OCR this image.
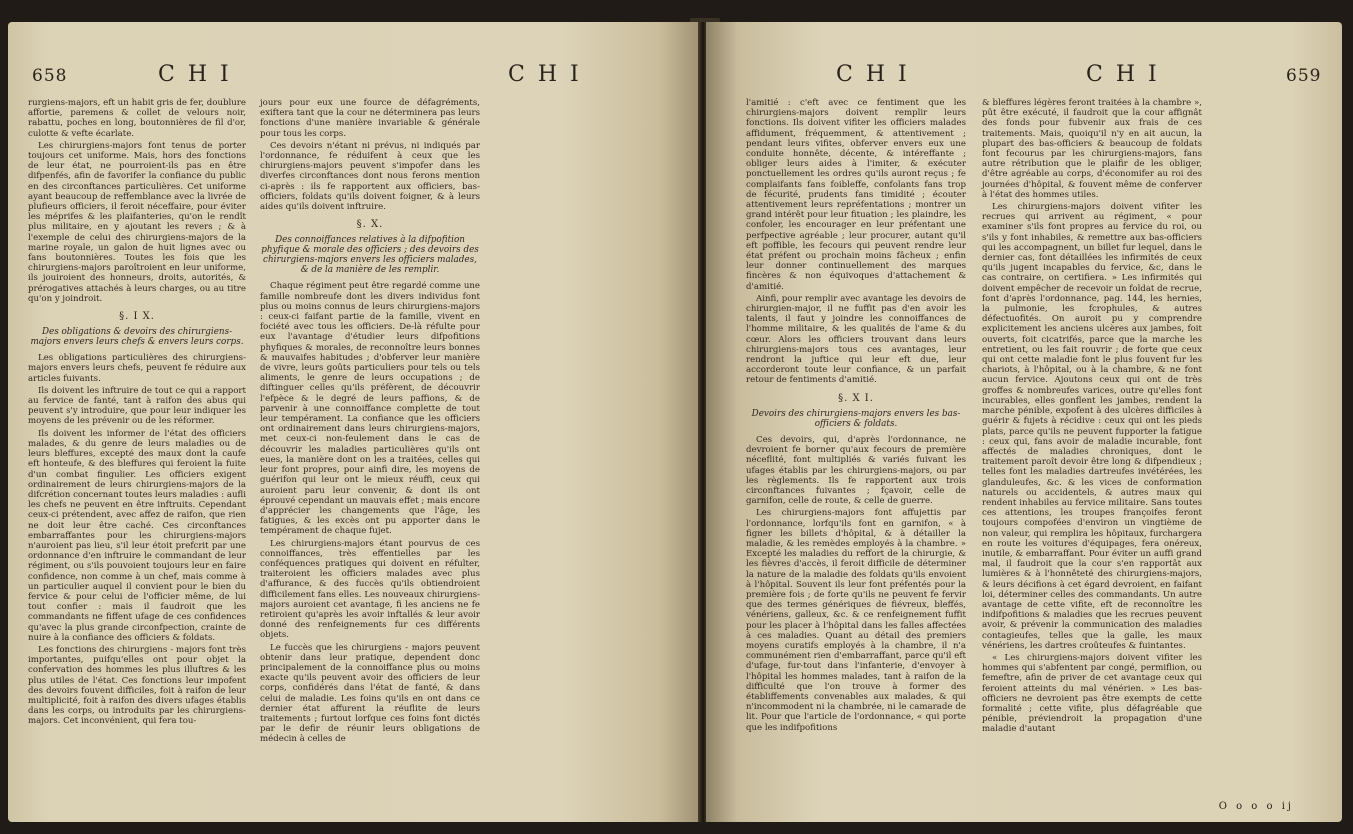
658	C H I	C H I

rurgiens-majors, eft un habit gris de fer, doublure affortie, paremens & collet de velours noir, rabattu, poches en long, boutonnières de fil d'or, culotte & vefte écarlate.

Les chirurgiens-majors font tenus de porter toujours cet uniforme. Mais, hors des fonctions de leur état, ne pourroient-ils pas en être difpenfés, afin de favorifer la confiance du public en des circonftances particulières. Cet uniforme ayant beaucoup de reffemblance avec la livrée de plufieurs officiers, il feroit néceffaire, pour éviter les méprifes & les plaifanteries, qu'on le rendît plus militaire, en y ajoutant les revers ; & à l'exemple de celui des chirurgiens-majors de la marine royale, un galon de huit lignes avec ou fans boutonnières. Toutes les fois que les chirurgiens-majors paroîtroient en leur uniforme, ils jouiroient des honneurs, droits, autorités, & prérogatives attachés à leurs charges, ou au titre qu'on y joindroit.

§. I X.
Des obligations & devoirs des chirurgiens-majors envers leurs chefs & envers leurs corps.

Les obligations particulières des chirurgiens-majors envers leurs chefs, peuvent fe réduire aux articles fuivants.

Ils doivent les inftruire de tout ce qui a rapport au fervice de fanté, tant à raifon des abus qui peuvent s'y introduire, que pour leur indiquer les moyens de les prévenir ou de les réformer.

Ils doivent les informer de l'état des officiers malades, & du genre de leurs maladies ou de leurs bleffures, excepté des maux dont la caufe eft honteufe, & des bleffures qui feroient la fuite d'un combat fingulier. Les officiers exigent ordinairement de leurs chirurgiens-majors de la difcrétion concernant toutes leurs maladies : aufli les chefs ne peuvent en être inftruits. Cependant ceux-ci prétendent, avec affez de raifon, que rien ne doit leur être caché. Ces circonftances embarraffantes pour les chirurgiens-majors n'auroient pas lieu, s'il leur étoit prefcrit par une ordonnance d'en inftruire le commandant de leur régiment, ou s'ils pouvoient toujours leur en faire confidence, non comme à un chef, mais comme à un particulier auquel il convient pour le bien du fervice & pour celui de l'officier même, de lui tout confier : mais il faudroit que les commandants ne fiffent ufage de ces confidences qu'avec la plus grande circonfpection, crainte de nuire à la confiance des officiers & foldats.

Les fonctions des chirurgiens - majors font très importantes, puifqu'elles ont pour objet la confervation des hommes les plus illuftres & les plus utiles de l'état. Ces fonctions leur impofent des devoirs fouvent difficiles, foit à raifon de leur multiplicité, foit à raifon des divers ufages établis dans les corps, ou introduits par les chirurgiens-majors. Cet inconvénient, qui fera tou-

jours pour eux une fource de défagréments, exiftera tant que la cour ne déterminera pas leurs fonctions d'une manière invariable & générale pour tous les corps.

Ces devoirs n'étant ni prévus, ni indiqués par l'ordonnance, fe réduifent à ceux que les chirurgiens-majors peuvent s'impofer dans les diverfes circonftances dont nous ferons mention ci-après : ils fe rapportent aux officiers, bas-officiers, foldats qu'ils doivent foigner, & à leurs aides qu'ils doivent inftruire.

§. X.
Des connoiffances relatives à la difpofition phyfique & morale des officiers ; des devoirs des chirurgiens-majors envers les officiers malades, & de la manière de les remplir.

Chaque régiment peut être regardé comme une famille nombreufe dont les divers individus font plus ou moins connus de leurs chirurgiens-majors : ceux-ci faifant partie de la famille, vivent en fociété avec tous les officiers. De-là réfulte pour eux l'avantage d'étudier leurs difpofitions phyfiques & morales, de reconnoître leurs bonnes & mauvaifes habitudes ; d'obferver leur manière de vivre, leurs goûts particuliers pour tels ou tels aliments, le genre de leurs occupations ; de diftinguer celles qu'ils préfèrent, de découvrir l'efpèce & le degré de leurs paffions, & de parvenir à une connoiffance complette de tout leur tempérament. La confiance que les officiers ont ordinairement dans leurs chirurgiens-majors, met ceux-ci non-feulement dans le cas de découvrir les maladies particulières qu'ils ont eues, la manière dont on les a traitées, celles qui leur font propres, pour ainfi dire, les moyens de guérifon qui leur ont le mieux réuffi, ceux qui auroient paru leur convenir, & dont ils ont éprouvé cependant un mauvais effet ; mais encore d'apprécier les changements que l'âge, les fatigues, & les excès ont pu apporter dans le tempérament de chaque fujet.

Les chirurgiens-majors étant pourvus de ces connoiffances, très effentielles par les conféquences pratiques qui doivent en réfulter, traiteroient les officiers malades avec plus d'affurance, & des fuccès qu'ils obtiendroient difficilement fans elles. Les nouveaux chirurgiens-majors auroient cet avantage, fi les anciens ne fe retiroient qu'après les avoir inftallés & leur avoir donné des renfeignements fur ces différents objets.

Le fuccès que les chirurgiens - majors peuvent obtenir dans leur pratique, dependent donc principalement de la connoiffance plus ou moins exacte qu'ils peuvent avoir des officiers de leur corps, confidérés dans l'état de fanté, & dans celui de maladie. Les foins qu'ils en ont dans ce dernier état affurent la réuflite de leurs traitements ; furtout lorfque ces foins font dictés par le defir de réunir leurs obligations de médecin à celles de

C H I	C H I	659

l'amitié : c'eft avec ce fentiment que les chirurgiens-majors doivent remplir leurs fonctions. Ils doivent vifiter les officiers malades affidument, fréquemment, & attentivement ; pendant leurs vifites, obferver envers eux une conduite honnête, décente, & intéreffante ; obliger leurs aides à l'imiter, & exécuter ponctuellement les ordres qu'ils auront reçus ; fe complaifants fans foibleffe, confolants fans trop de fécurité, prudents fans timidité ; écouter attentivement leurs repréfentations ; montrer un grand intérêt pour leur fituation ; les plaindre, les confoler, les encourager en leur préfentant une perfpective agréable ; leur procurer, autant qu'il eft poffible, les fecours qui peuvent rendre leur état préfent ou prochain moins fâcheux ; enfin leur donner continuellement des marques fincères & non équivoques d'attachement & d'amitié.

Ainfi, pour remplir avec avantage les devoirs de chirurgien-major, il ne fuffit pas d'en avoir les talents, il faut y joindre les connoiffances de l'homme militaire, & les qualités de l'ame & du cœur. Alors les officiers trouvant dans leurs chirurgiens-majors tous ces avantages, leur rendront la juftice qui leur eft due, leur accorderont toute leur confiance, & un parfait retour de fentiments d'amitié.

§. X I.
Devoirs des chirurgiens-majors envers les bas-officiers & foldats.

Ces devoirs, qui, d'après l'ordonnance, ne devroient fe borner qu'aux fecours de première néceflité, font multipliés & variés fuivant les ufages établis par les chirurgiens-majors, ou par les règlements. Ils fe rapportent aux trois circonftances fuivantes ; fçavoir, celle de garnifon, celle de route, & celle de guerre.

Les chirurgiens-majors font affujettis par l'ordonnance, lorfqu'ils font en garnifon, « à figner les billets d'hôpital, & à détailler la maladie, & les remèdes employés à la chambre. » Excepté les maladies du reffort de la chirurgie, & les fièvres d'accès, il feroit difficile de déterminer la nature de la maladie des foldats qu'ils envoient à l'hôpital. Souvent ils leur font préfentés pour la première fois ; de forte qu'ils ne peuvent fe fervir que des termes génériques de fiévreux, bleffés, vénériens, galleux, &c. & ce renfeignement fuffit pour les placer à l'hôpital dans les falles affectées à ces maladies. Quant au détail des premiers moyens curatifs employés à la chambre, il n'a communément rien d'embarraffant, parce qu'il eft d'ufage, fur-tout dans l'infanterie, d'envoyer à l'hôpital les hommes malades, tant à raifon de la difficulté que l'on trouve à former des établiffements convenables aux malades, & qui n'incommodent ni la chambrée, ni le camarade de lit. Pour que l'article de l'ordonnance, « qui porte que les indifpofitions

& bleffures légères feront traitées à la chambre », pût être exécuté, il faudroit que la cour affignât des fonds pour fubvenir aux frais de ces traitements. Mais, quoiqu'il n'y en ait aucun, la plupart des bas-officiers & beaucoup de foldats font fecourus par les chirurgiens-majors, fans autre rétribution que le plaifir de les obliger, d'être agréable au corps, d'économifer au roi des journées d'hôpital, & fouvent même de conferver à l'état des hommes utiles.

Les chirurgiens-majors doivent vifiter les recrues qui arrivent au régiment, « pour examiner s'ils font propres au fervice du roi, ou s'ils y font inhabiles, & remettre aux bas-officiers qui les accompagnent, un billet fur lequel, dans le dernier cas, font détaillées les infirmités de ceux qu'ils jugent incapables du fervice, &c, dans le cas contraire, on certifiera. » Les infirmités qui doivent empêcher de recevoir un foldat de recrue, font d'après l'ordonnance, pag. 144, les hernies, la pulmonie, les fcrophules, & autres défectuofités. On auroit pu y comprendre explicitement les anciens ulcères aux jambes, foit ouverts, foit cicatrifés, parce que la marche les entretient, ou les fait rouvrir ; de forte que ceux qui ont cette maladie font le plus fouvent fur les chariots, à l'hôpital, ou à la chambre, & ne font aucun fervice. Ajoutons ceux qui ont de très groffes & nombreufes varices, outre qu'elles font incurables, elles gonflent les jambes, rendent la marche pénible, expofent à des ulcères difficiles à guérir & fujets à récidive : ceux qui ont les pieds plats, parce qu'ils ne peuvent fupporter la fatigue : ceux qui, fans avoir de maladie incurable, font affectés de maladies chroniques, dont le traitement paroît devoir être long & difpendieux ; telles font les maladies dartreufes invétérées, les glanduleufes, &c. & les vices de conformation naturels ou accidentels, & autres maux qui rendent inhabiles au fervice militaire. Sans toutes ces attentions, les troupes françoifes feront toujours compofées d'environ un vingtième de non valeur, qui remplira les hôpitaux, furchargera en route les voitures d'équipages, fera onéreux, inutile, & embarraffant. Pour éviter un auffi grand mal, il faudroit que la cour s'en rapportât aux lumières & à l'honnêteté des chirurgiens-majors, & leurs décifions à cet égard devroient, en faifant loi, déterminer celles des commandants. Un autre avantage de cette vifite, eft de reconnoître les indifpofitions & maladies que les recrues peuvent avoir, & prévenir la communication des maladies contagieufes, telles que la galle, les maux vénériens, les dartres croûteufes & fuintantes.

« Les chirurgiens-majors doivent vifiter les hommes qui s'abfentent par congé, permiflion, ou femeftre, afin de priver de cet avantage ceux qui feroient atteints du mal vénérien. » Les bas-officiers ne devroient pas être exempts de cette formalité ; cette vifite, plus défagréable que pénible, préviendroit la propagation d'une maladie d'autant

O o o o ij
